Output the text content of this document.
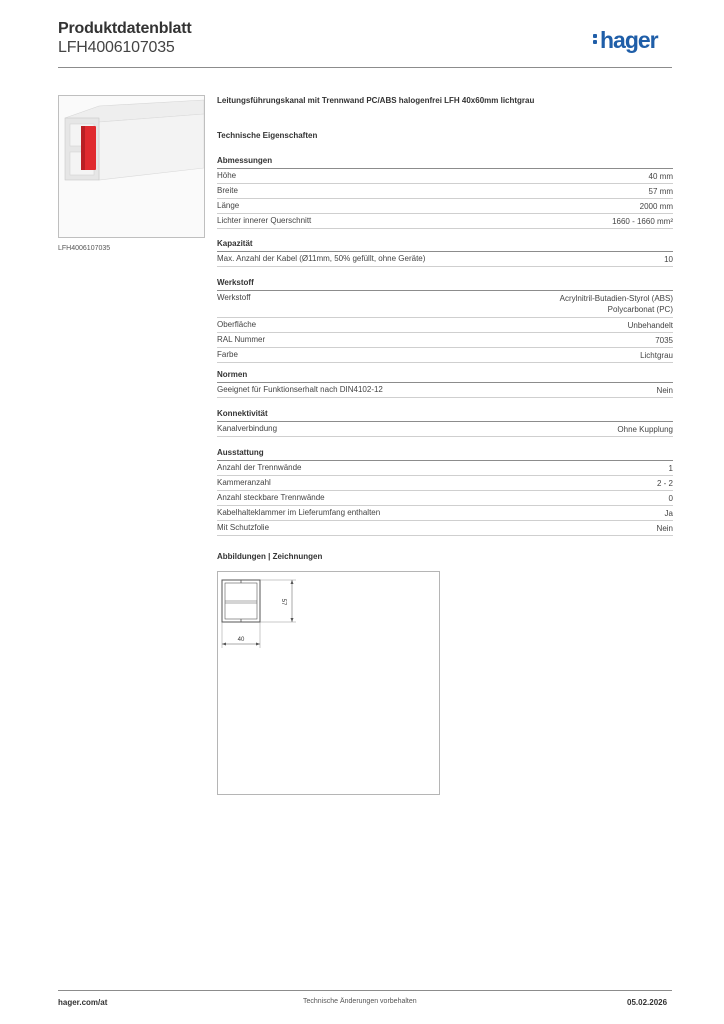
Produktdatenblatt
LFH4006107035	hager
LFH4006107035
Leitungsführungskanal mit Trennwand PC/ABS halogenfrei LFH 40x60mm lichtgrau
Technische Eigenschaften
Abmessungen
Höhe	40 mm
Breite	57 mm
Länge	2000 mm
Lichter innerer Querschnitt	1660 - 1660 mm²
Kapazität
Max. Anzahl der Kabel (Ø11mm, 50% gefüllt, ohne Geräte)	10
Werkstoff
Werkstoff	Acrylnitril-Butadien-Styrol (ABS)
Polycarbonat (PC)
Oberfläche	Unbehandelt
RAL Nummer	7035
Farbe	Lichtgrau
Normen
Geeignet für Funktionserhalt nach DIN4102-12	Nein
Konnektivität
Kanalverbindung	Ohne Kupplung
Ausstattung
Anzahl der Trennwände	1
Kammeranzahl	2 - 2
Anzahl steckbare Trennwände	0
Kabelhalteklammer im Lieferumfang enthalten	Ja
Mit Schutzfolie	Nein
Abbildungen | Zeichnungen
57
40
hager.com/at	Technische Änderungen vorbehalten	05.02.2026
